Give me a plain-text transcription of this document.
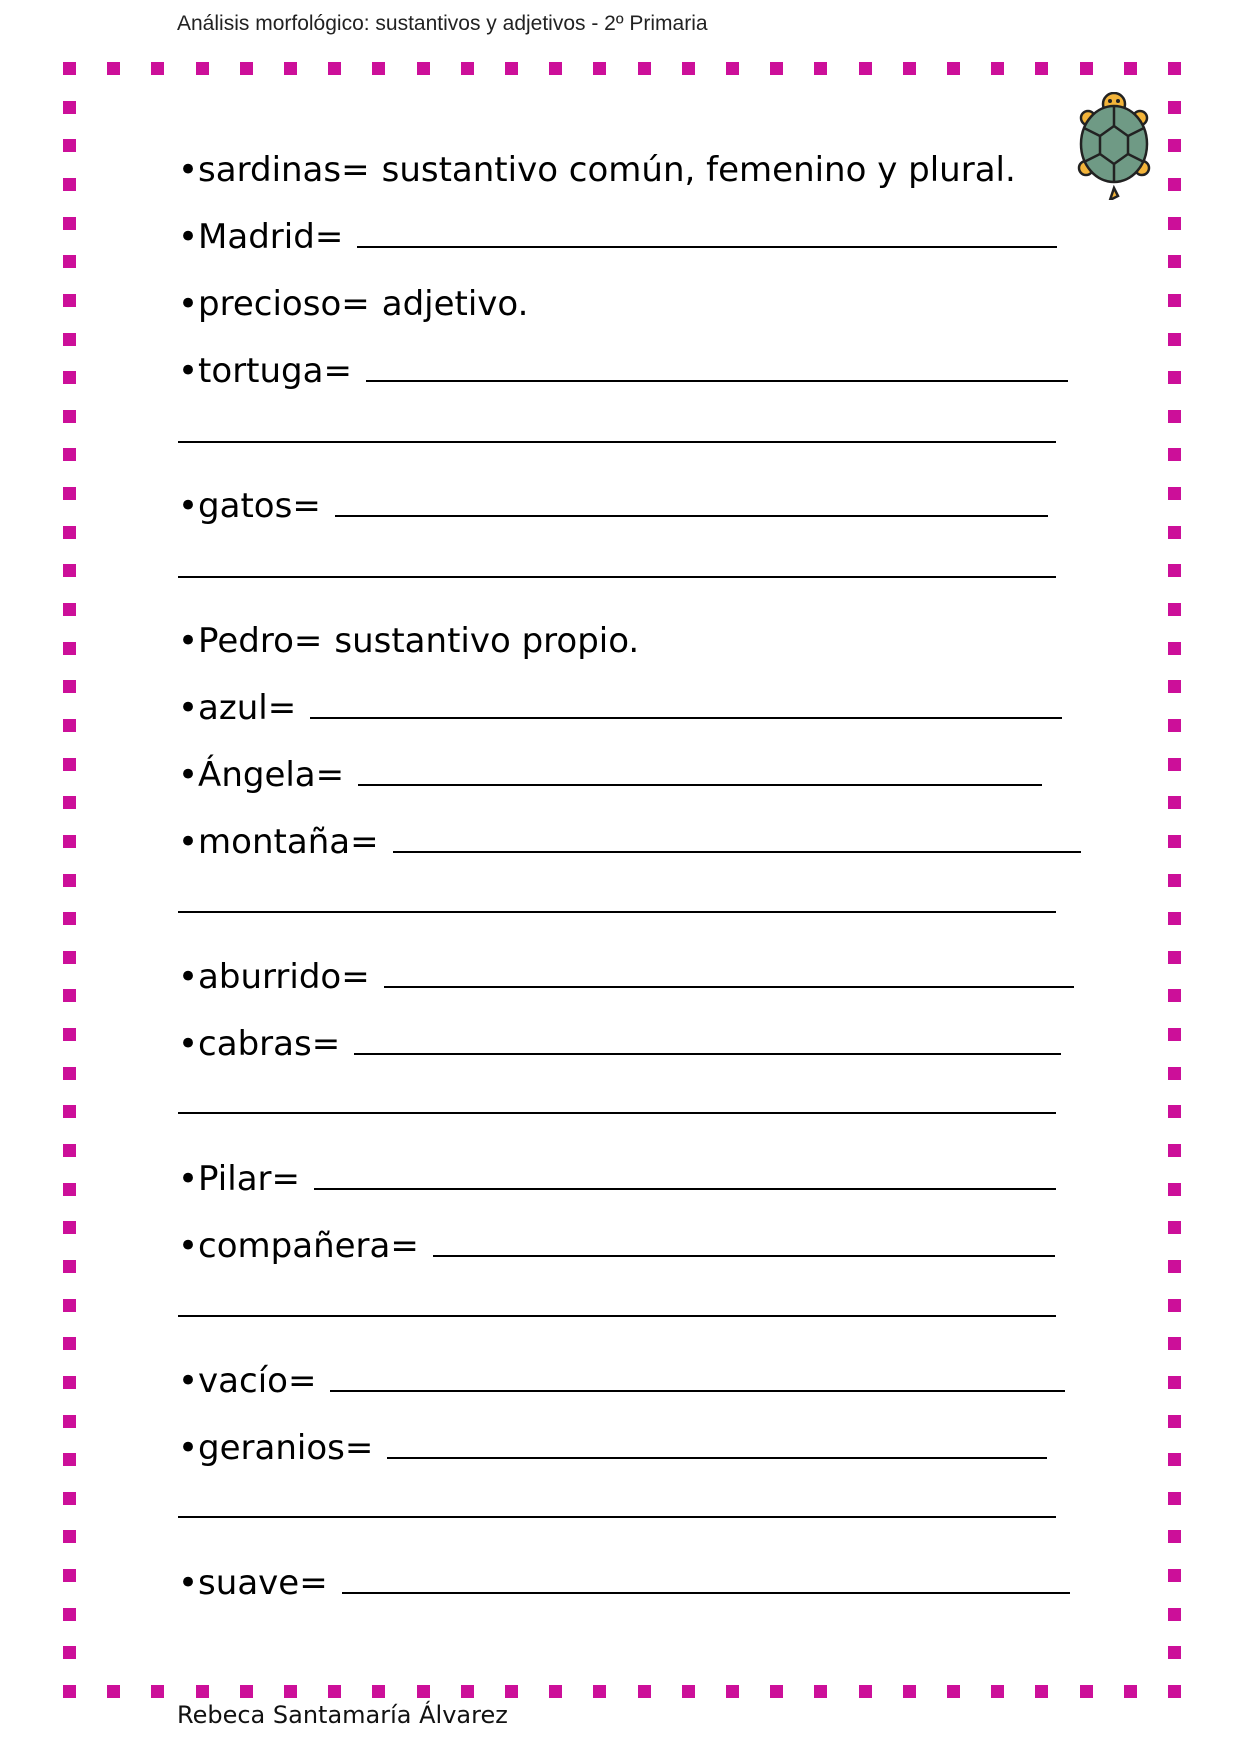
Análisis morfológico: sustantivos y adjetivos - 2º Primaria
•sardinas= sustantivo común, femenino y plural.
•Madrid=
•precioso= adjetivo.
•tortuga=
•gatos=
•Pedro= sustantivo propio.
•azul=
•Ángela=
•montaña=
•aburrido=
•cabras=
•Pilar=
•compañera=
•vacío=
•geranios=
•suave=
Rebeca Santamaría Álvarez
